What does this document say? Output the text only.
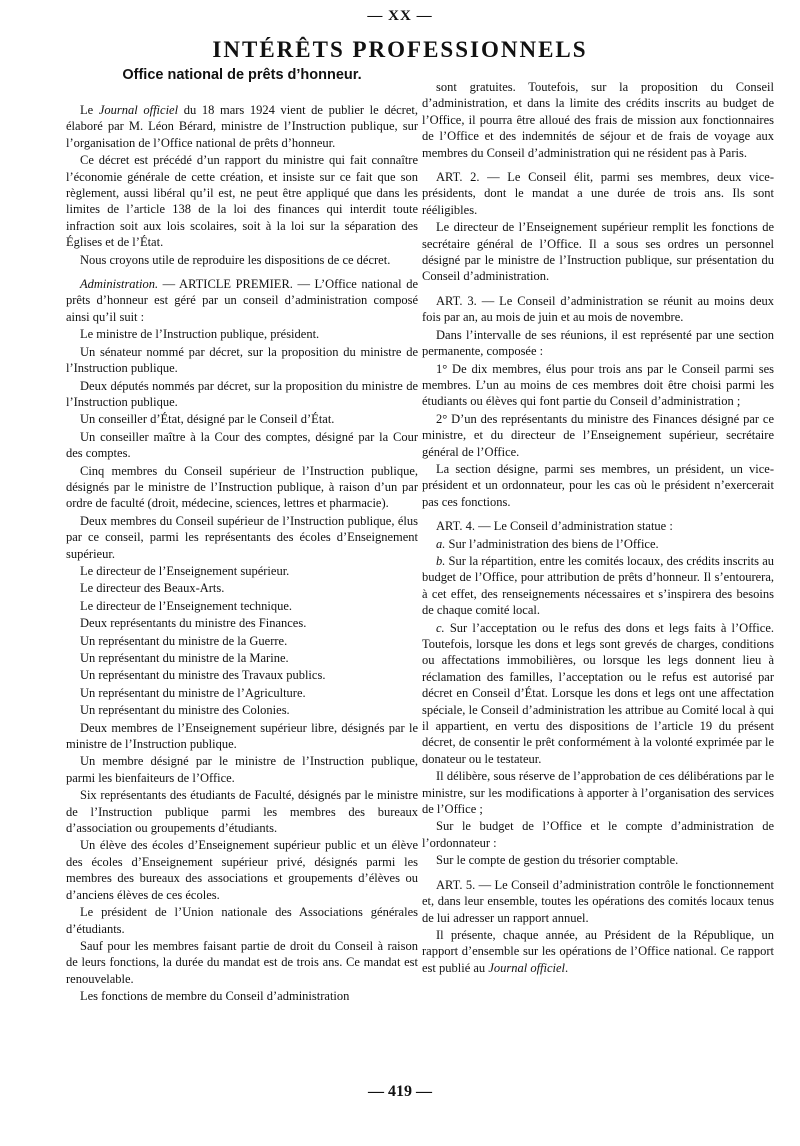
— XX —
INTÉRÊTS PROFESSIONNELS
Office national de prêts d’honneur.

Le Journal officiel du 18 mars 1924 vient de publier le décret, élaboré par M. Léon Bérard, ministre de l’Instruction publique, sur l’organisation de l’Office national de prêts d’honneur.

Ce décret est précédé d’un rapport du ministre qui fait connaître l’économie générale de cette création, et insiste sur ce fait que son règlement, aussi libéral qu’il est, ne peut être appliqué que dans les limites de l’article 138 de la loi des finances qui interdit toute infraction soit aux lois scolaires, soit à la loi sur la séparation des Églises et de l’État.

Nous croyons utile de reproduire les dispositions de ce décret.

Administration. — ARTICLE PREMIER. — L’Office national de prêts d’honneur est géré par un conseil d’administration composé ainsi qu’il suit :

Le ministre de l’Instruction publique, président.

Un sénateur nommé par décret, sur la proposition du ministre de l’Instruction publique.

Deux députés nommés par décret, sur la proposition du ministre de l’Instruction publique.

Un conseiller d’État, désigné par le Conseil d’État.

Un conseiller maître à la Cour des comptes, désigné par la Cour des comptes.

Cinq membres du Conseil supérieur de l’Instruction publique, désignés par le ministre de l’Instruction publique, à raison d’un par ordre de faculté (droit, médecine, sciences, lettres et pharmacie).

Deux membres du Conseil supérieur de l’Instruction publique, élus par ce conseil, parmi les représentants des écoles d’Enseignement supérieur.

Le directeur de l’Enseignement supérieur.

Le directeur des Beaux-Arts.

Le directeur de l’Enseignement technique.

Deux représentants du ministre des Finances.

Un représentant du ministre de la Guerre.

Un représentant du ministre de la Marine.

Un représentant du ministre des Travaux publics.

Un représentant du ministre de l’Agriculture.

Un représentant du ministre des Colonies.

Deux membres de l’Enseignement supérieur libre, désignés par le ministre de l’Instruction publique.

Un membre désigné par le ministre de l’Instruction publique, parmi les bienfaiteurs de l’Office.

Six représentants des étudiants de Faculté, désignés par le ministre de l’Instruction publique parmi les membres des bureaux d’association ou groupements d’étudiants.

Un élève des écoles d’Enseignement supérieur public et un élève des écoles d’Enseignement supérieur privé, désignés parmi les membres des bureaux des associations et groupements d’élèves ou d’anciens élèves de ces écoles.

Le président de l’Union nationale des Associations générales d’étudiants.

Sauf pour les membres faisant partie de droit du Conseil à raison de leurs fonctions, la durée du mandat est de trois ans. Ce mandat est renouvelable.

Les fonctions de membre du Conseil d’administration

sont gratuites. Toutefois, sur la proposition du Conseil d’administration, et dans la limite des crédits inscrits au budget de l’Office, il pourra être alloué des frais de mission aux fonctionnaires de l’Office et des indemnités de séjour et de frais de voyage aux membres du Conseil d’administration qui ne résident pas à Paris.

ART. 2. — Le Conseil élit, parmi ses membres, deux vice-présidents, dont le mandat a une durée de trois ans. Ils sont rééligibles.

Le directeur de l’Enseignement supérieur remplit les fonctions de secrétaire général de l’Office. Il a sous ses ordres un personnel désigné par le ministre de l’Instruction publique, sur présentation du Conseil d’administration.

ART. 3. — Le Conseil d’administration se réunit au moins deux fois par an, au mois de juin et au mois de novembre.

Dans l’intervalle de ses réunions, il est représenté par une section permanente, composée :

1° De dix membres, élus pour trois ans par le Conseil parmi ses membres. L’un au moins de ces membres doit être choisi parmi les étudiants ou élèves qui font partie du Conseil d’administration ;

2° D’un des représentants du ministre des Finances désigné par ce ministre, et du directeur de l’Enseignement supérieur, secrétaire général de l’Office.

La section désigne, parmi ses membres, un président, un vice-président et un ordonnateur, pour les cas où le président n’exercerait pas ces fonctions.

ART. 4. — Le Conseil d’administration statue :

a. Sur l’administration des biens de l’Office.

b. Sur la répartition, entre les comités locaux, des crédits inscrits au budget de l’Office, pour attribution de prêts d’honneur. Il s’entourera, à cet effet, des renseignements nécessaires et s’inspirera des besoins de chaque comité local.

c. Sur l’acceptation ou le refus des dons et legs faits à l’Office. Toutefois, lorsque les dons et legs sont grevés de charges, conditions ou affectations immobilières, ou lorsque les legs donnent lieu à réclamation des familles, l’acceptation ou le refus est autorisé par décret en Conseil d’État. Lorsque les dons et legs ont une affectation spéciale, le Conseil d’administration les attribue au Comité local à qui il appartient, en vertu des dispositions de l’article 19 du présent décret, de consentir le prêt conformément à la volonté exprimée par le donateur ou le testateur.

Il délibère, sous réserve de l’approbation de ces délibérations par le ministre, sur les modifications à apporter à l’organisation des services de l’Office ;

Sur le budget de l’Office et le compte d’administration de l’ordonnateur :

Sur le compte de gestion du trésorier comptable.

ART. 5. — Le Conseil d’administration contrôle le fonctionnement et, dans leur ensemble, toutes les opérations des comités locaux tenus de lui adresser un rapport annuel.

Il présente, chaque année, au Président de la République, un rapport d’ensemble sur les opérations de l’Office national. Ce rapport est publié au Journal officiel.

— 419 —
